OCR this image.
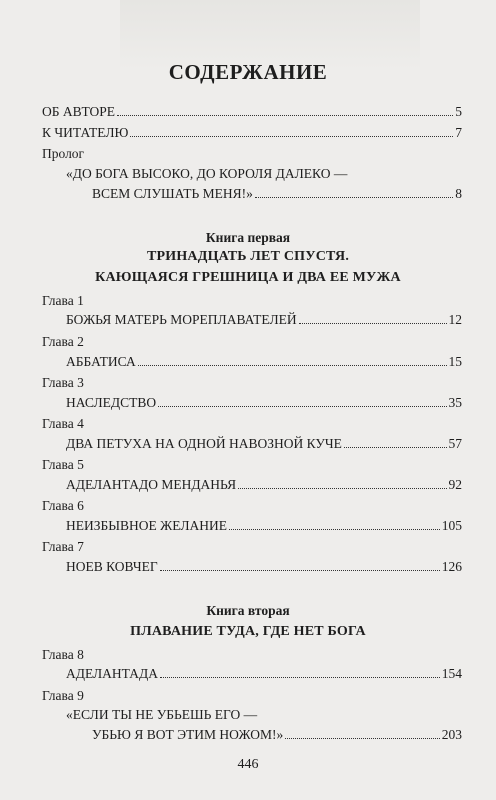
СОДЕРЖАНИЕ
ОБ АВТОРЕ	5
К ЧИТАТЕЛЮ	7
Пролог
«ДО БОГА ВЫСОКО, ДО КОРОЛЯ ДАЛЕКО —
ВСЕМ СЛУШАТЬ МЕНЯ!»	8
Книга первая
ТРИНАДЦАТЬ ЛЕТ СПУСТЯ.
КАЮЩАЯСЯ ГРЕШНИЦА И ДВА ЕЕ МУЖА
Глава 1
БОЖЬЯ МАТЕРЬ МОРЕПЛАВАТЕЛЕЙ	12
Глава 2
АББАТИСА	15
Глава 3
НАСЛЕДСТВО	35
Глава 4
ДВА ПЕТУХА НА ОДНОЙ НАВОЗНОЙ КУЧЕ	57
Глава 5
АДЕЛАНТАДО МЕНДАНЬЯ	92
Глава 6
НЕИЗБЫВНОЕ ЖЕЛАНИЕ	105
Глава 7
НОЕВ КОВЧЕГ	126
Книга вторая
ПЛАВАНИЕ ТУДА, ГДЕ НЕТ БОГА
Глава 8
АДЕЛАНТАДА	154
Глава 9
«ЕСЛИ ТЫ НЕ УБЬЕШЬ ЕГО —
УБЬЮ Я ВОТ ЭТИМ НОЖОМ!»	203
446
